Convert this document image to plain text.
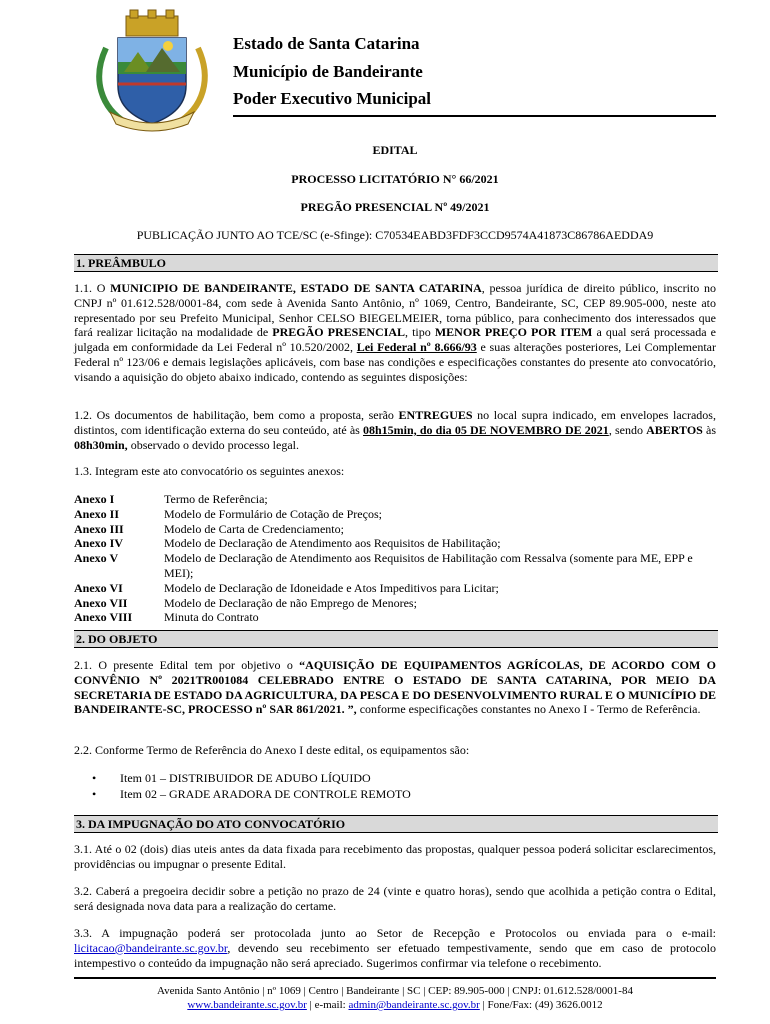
Estado de Santa Catarina
Município de Bandeirante
Poder Executivo Municipal
EDITAL
PROCESSO LICITATÓRIO N° 66/2021
PREGÃO PRESENCIAL Nº 49/2021
PUBLICAÇÃO JUNTO AO TCE/SC (e-Sfinge): C70534EABD3FDF3CCD9574A41873C86786AEDDA9
1. PREÂMBULO
1.1. O MUNICIPIO DE BANDEIRANTE, ESTADO DE SANTA CATARINA, pessoa jurídica de direito público, inscrito no CNPJ nº 01.612.528/0001-84, com sede à Avenida Santo Antônio, nº 1069, Centro, Bandeirante, SC, CEP 89.905-000, neste ato representado por seu Prefeito Municipal, Senhor CELSO BIEGELMEIER, torna público, para conhecimento dos interessados que fará realizar licitação na modalidade de PREGÃO PRESENCIAL, tipo MENOR PREÇO POR ITEM a qual será processada e julgada em conformidade da Lei Federal nº 10.520/2002, Lei Federal nº 8.666/93 e suas alterações posteriores, Lei Complementar Federal nº 123/06 e demais legislações aplicáveis, com base nas condições e especificações constantes do presente ato convocatório, visando a aquisição do objeto abaixo indicado, contendo as seguintes disposições:
1.2. Os documentos de habilitação, bem como a proposta, serão ENTREGUES no local supra indicado, em envelopes lacrados, distintos, com identificação externa do seu conteúdo, até às 08h15min, do dia 05 DE NOVEMBRO DE 2021, sendo ABERTOS às 08h30min, observado o devido processo legal.
1.3. Integram este ato convocatório os seguintes anexos:
Anexo I	Termo de Referência;
Anexo II	Modelo de Formulário de Cotação de Preços;
Anexo III	Modelo de Carta de Credenciamento;
Anexo IV	Modelo de Declaração de Atendimento aos Requisitos de Habilitação;
Anexo V	Modelo de Declaração de Atendimento aos Requisitos de Habilitação com Ressalva (somente para ME, EPP e MEI);
Anexo VI	Modelo de Declaração de Idoneidade e Atos Impeditivos para Licitar;
Anexo VII	Modelo de Declaração de não Emprego de Menores;
Anexo VIII	Minuta do Contrato
2. DO OBJETO
2.1. O presente Edital tem por objetivo o “AQUISIÇÃO DE EQUIPAMENTOS AGRÍCOLAS, DE ACORDO COM O CONVÊNIO Nº 2021TR001084 CELEBRADO ENTRE O ESTADO DE SANTA CATARINA, POR MEIO DA SECRETARIA DE ESTADO DA AGRICULTURA, DA PESCA E DO DESENVOLVIMENTO RURAL E O MUNICÍPIO DE BANDEIRANTE-SC, PROCESSO nº SAR 861/2021. ”, conforme especificações constantes no Anexo I - Termo de Referência.
2.2. Conforme Termo de Referência do Anexo I deste edital, os equipamentos são:
•	Item 01 – DISTRIBUIDOR DE ADUBO LÍQUIDO
•	Item 02 – GRADE ARADORA DE CONTROLE REMOTO
3. DA IMPUGNAÇÃO DO ATO CONVOCATÓRIO
3.1. Até o 02 (dois) dias uteis antes da data fixada para recebimento das propostas, qualquer pessoa poderá solicitar esclarecimentos, providências ou impugnar o presente Edital.
3.2. Caberá a pregoeira decidir sobre a petição no prazo de 24 (vinte e quatro horas), sendo que acolhida a petição contra o Edital, será designada nova data para a realização do certame.
3.3. A impugnação poderá ser protocolada junto ao Setor de Recepção e Protocolos ou enviada para o e-mail: licitacao@bandeirante.sc.gov.br, devendo seu recebimento ser efetuado tempestivamente, sendo que em caso de protocolo intempestivo o conteúdo da impugnação não será apreciado. Sugerimos confirmar via telefone o recebimento.
Avenida Santo Antônio | nº 1069 | Centro | Bandeirante | SC | CEP: 89.905-000 | CNPJ: 01.612.528/0001-84
www.bandeirante.sc.gov.br | e-mail: admin@bandeirante.sc.gov.br | Fone/Fax: (49) 3626.0012
